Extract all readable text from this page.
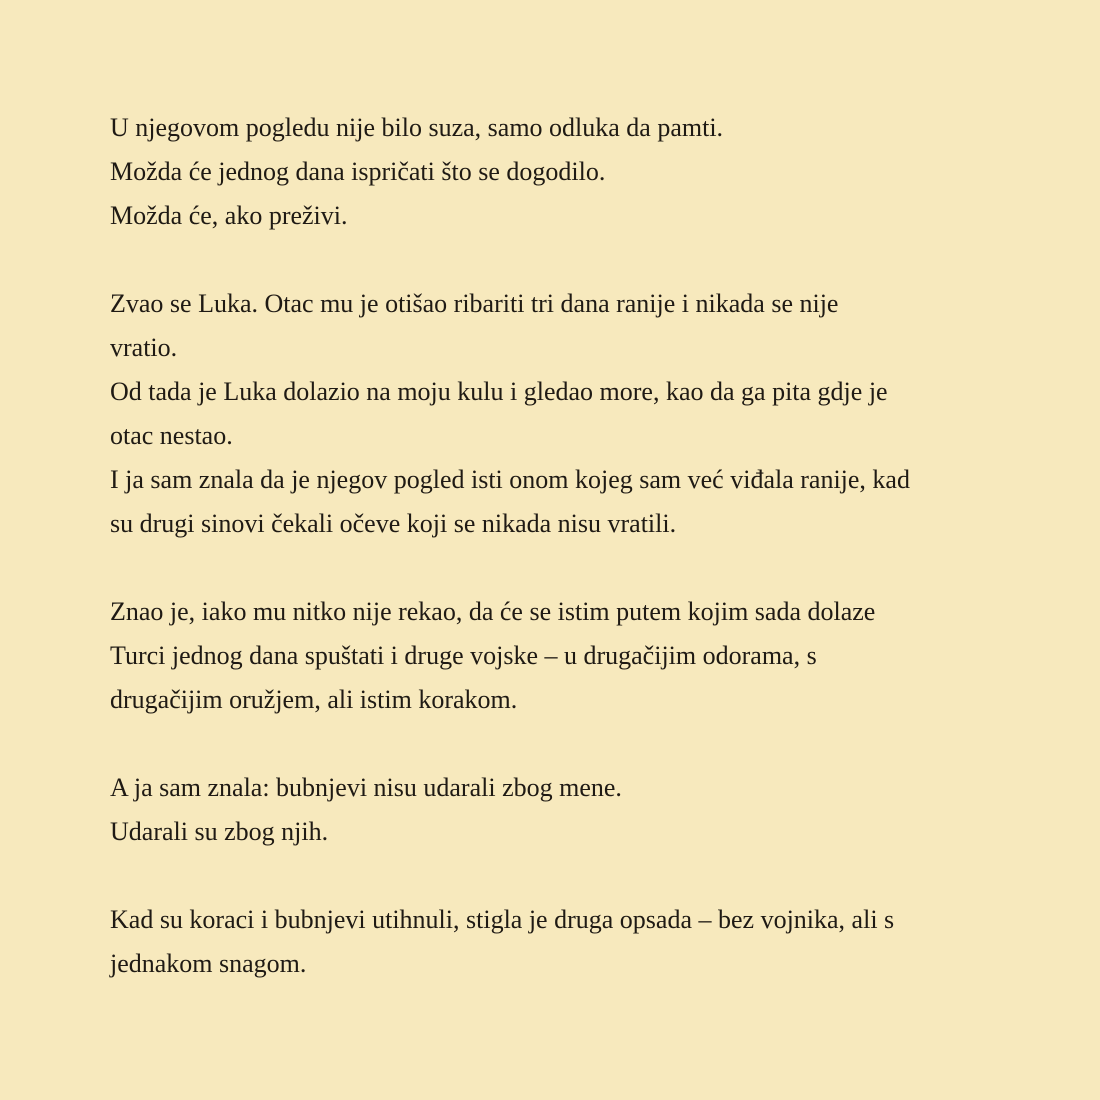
U njegovom pogledu nije bilo suza, samo odluka da pamti.
Možda će jednog dana ispričati što se dogodilo.
Možda će, ako preživi.

Zvao se Luka. Otac mu je otišao ribariti tri dana ranije i nikada se nije
vratio.
Od tada je Luka dolazio na moju kulu i gledao more, kao da ga pita gdje je
otac nestao.
I ja sam znala da je njegov pogled isti onom kojeg sam već viđala ranije, kad
su drugi sinovi čekali očeve koji se nikada nisu vratili.

Znao je, iako mu nitko nije rekao, da će se istim putem kojim sada dolaze
Turci jednog dana spuštati i druge vojske – u drugačijim odorama, s
drugačijim oružjem, ali istim korakom.

A ja sam znala: bubnjevi nisu udarali zbog mene.
Udarali su zbog njih.

Kad su koraci i bubnjevi utihnuli, stigla je druga opsada – bez vojnika, ali s
jednakom snagom.
